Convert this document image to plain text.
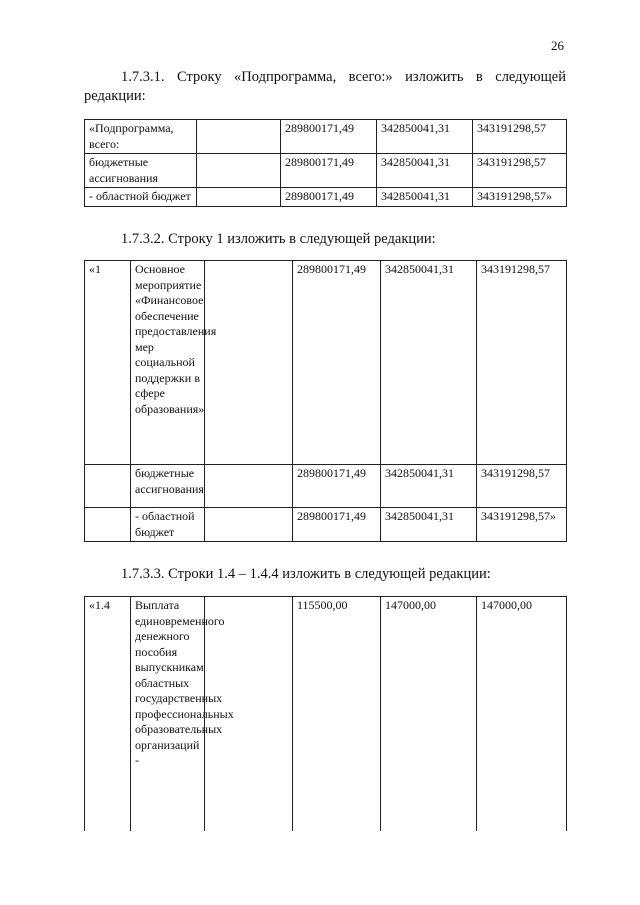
26
1.7.3.1. Строку «Подпрограмма, всего:» изложить в следующей редакции:
«Подпрограмма, всего:		289800171,49	342850041,31	343191298,57
бюджетные ассигнования		289800171,49	342850041,31	343191298,57
- областной бюджет		289800171,49	342850041,31	343191298,57»
1.7.3.2. Строку 1 изложить в следующей редакции:
«1	Основное мероприятие «Финансовое обеспечение предоставления мер социальной поддержки в сфере образования»		289800171,49	342850041,31	343191298,57
	бюджетные ассигнования		289800171,49	342850041,31	343191298,57
	- областной бюджет		289800171,49	342850041,31	343191298,57»
1.7.3.3. Строки 1.4 – 1.4.4 изложить в следующей редакции:
«1.4	Выплата единовременного денежного пособия выпускникам областных государственных профессиональных образовательных организаций -		115500,00	147000,00	147000,00
